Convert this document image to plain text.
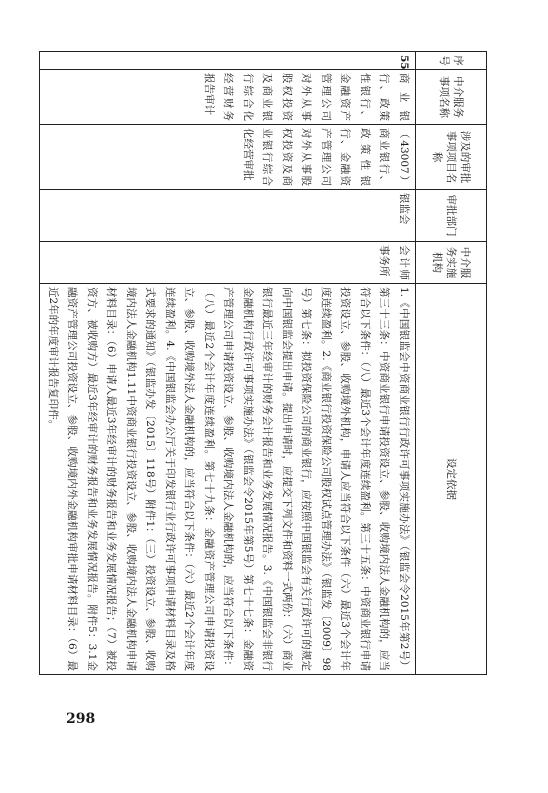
序号	中介服务事项名称	涉及的审批事项项目名称	审批部门	中介服务实施机构	设定依据
55	商业银行、政策性银行、金融资产管理公司对外从事股权投资及商业银行综合化经营财务报告审计	（43007）商业银行、政策性银行、金融资产管理公司对外从事股权投资及商业银行综合化经营审批	银监会	会计师事务所	1.《中国银监会中资商业银行行政许可事项实施办法》（银监会令2015年第2号）第三十三条：中资商业银行申请投资设立、参股、收购境内法人金融机构的，应当符合以下条件：（八）最近3个会计年度连续盈利。第三十五条：中资商业银行申请投资设立、参股、收购境外机构，申请人应当符合以下条件（六）最近3个会计年度连续盈利。2.《商业银行投资保险公司股权试点管理办法》（银监发〔2009〕98号）第七条：拟投资保险公司的商业银行，应按照中国银监会有关行政许可的规定向中国银监会提出申请。提出申请时，应提交下列文件和资料一式两份：（六）商业银行最近三年经审计的财务会计报告和业务发展情况报告。3.《中国银监会非银行金融机构行政许可事项实施办法》（银监会令2015年第5号）第七十七条：金融资产管理公司申请投资设立、参股、收购境内法人金融机构的，应当符合以下条件：（八）最近2个会计年度连续盈利。第七十九条：金融资产管理公司申请投资设立、参股、收购境外法人金融机构的，应当符合以下条件：（六）最近2个会计年度连续盈利。4.《中国银监会办公厅关于印发银行业行政许可事项申请材料目录及格式要求的通知》（银监办发〔2015〕118号）附件1：（三）投资设立、参股、收购境内法人金融机构1.11中资商业银行投资设立、参股、收购境内法人金融机构申请材料目录：（6）申请人最近3年经审计的财务报告和业务发展情况报告；（7）被投资方、被收购方）最近3年经审计的财务报告和业务发展情况报告。附件5：3.1金融资产管理公司投资设立、参股、收购境内外金融机构审批申请材料目录：（6）最近2年的年度审计报告复印件。
298
